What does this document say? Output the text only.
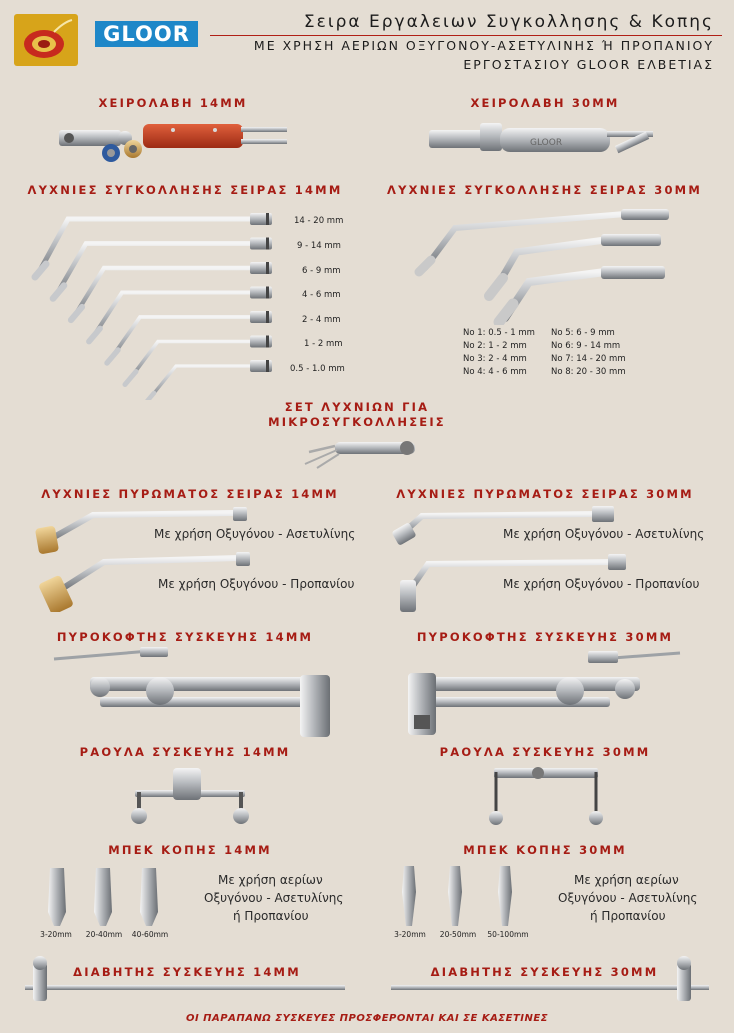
GLOOR	Σειρα Εργαλειων Συγκολλησης & Κοπης
ΜΕ ΧΡΗΣΗ ΑΕΡΙΩΝ ΟΞΥΓΟΝΟΥ-ΑΣΕΤΥΛΙΝΗΣ Ή ΠΡΟΠΑΝΙΟΥ
ΕΡΓΟΣΤΑΣΙΟΥ GLOOR ΕΛΒΕΤΙΑΣ
ΧΕΙΡΟΛΑΒΗ 14ΜΜ	ΧΕΙΡΟΛΑΒΗ 30ΜΜ
GLOOR
ΛΥΧΝΙΕΣ ΣΥΓΚΟΛΛΗΣΗΣ ΣΕΙΡΑΣ 14ΜΜ
14 - 20 mm
9 - 14 mm
6 - 9 mm
4 - 6 mm
2 - 4 mm
1 - 2 mm
0.5 - 1.0 mm
ΛΥΧΝΙΕΣ ΣΥΓΚΟΛΛΗΣΗΣ ΣΕΙΡΑΣ 30ΜΜ
No 1: 0.5 - 1 mm
No 2: 1 - 2 mm
No 3: 2 - 4 mm
No 4: 4 - 6 mm
No 5: 6 - 9 mm
No 6: 9 - 14 mm
No 7: 14 - 20 mm
No 8: 20 - 30 mm
ΣΕΤ ΛΥΧΝΙΩΝ ΓΙΑ
ΜΙΚΡΟΣΥΓΚΟΛΛΗΣΕΙΣ
ΛΥΧΝΙΕΣ ΠΥΡΩΜΑΤΟΣ ΣΕΙΡΑΣ 14ΜΜ
Με χρήση Οξυγόνου - Ασετυλίνης
Με χρήση Οξυγόνου - Προπανίου
ΛΥΧΝΙΕΣ ΠΥΡΩΜΑΤΟΣ ΣΕΙΡΑΣ 30ΜΜ
Με χρήση Οξυγόνου - Ασετυλίνης
Με χρήση Οξυγόνου - Προπανίου
ΠΥΡΟΚΟΦΤΗΣ ΣΥΣΚΕΥΗΣ 14ΜΜ	ΠΥΡΟΚΟΦΤΗΣ ΣΥΣΚΕΥΗΣ 30ΜΜ
ΡΑΟΥΛΑ ΣΥΣΚΕΥΗΣ 14ΜΜ	ΡΑΟΥΛΑ ΣΥΣΚΕΥΗΣ 30ΜΜ
ΜΠΕΚ ΚΟΠΗΣ 14ΜΜ
3-20mm	20-40mm	40-60mm
Με χρήση αερίων
Οξυγόνου - Ασετυλίνης
ή Προπανίου
ΜΠΕΚ ΚΟΠΗΣ 30ΜΜ
3-20mm	20-50mm	50-100mm
Με χρήση αερίων
Οξυγόνου - Ασετυλίνης
ή Προπανίου
ΔΙΑΒΗΤΗΣ ΣΥΣΚΕΥΗΣ 14ΜΜ	ΔΙΑΒΗΤΗΣ ΣΥΣΚΕΥΗΣ 30ΜΜ
ΟΙ ΠΑΡΑΠΑΝΩ ΣΥΣΚΕΥΕΣ ΠΡΟΣΦΕΡΟΝΤΑΙ ΚΑΙ ΣΕ ΚΑΣΕΤΙΝΕΣ
